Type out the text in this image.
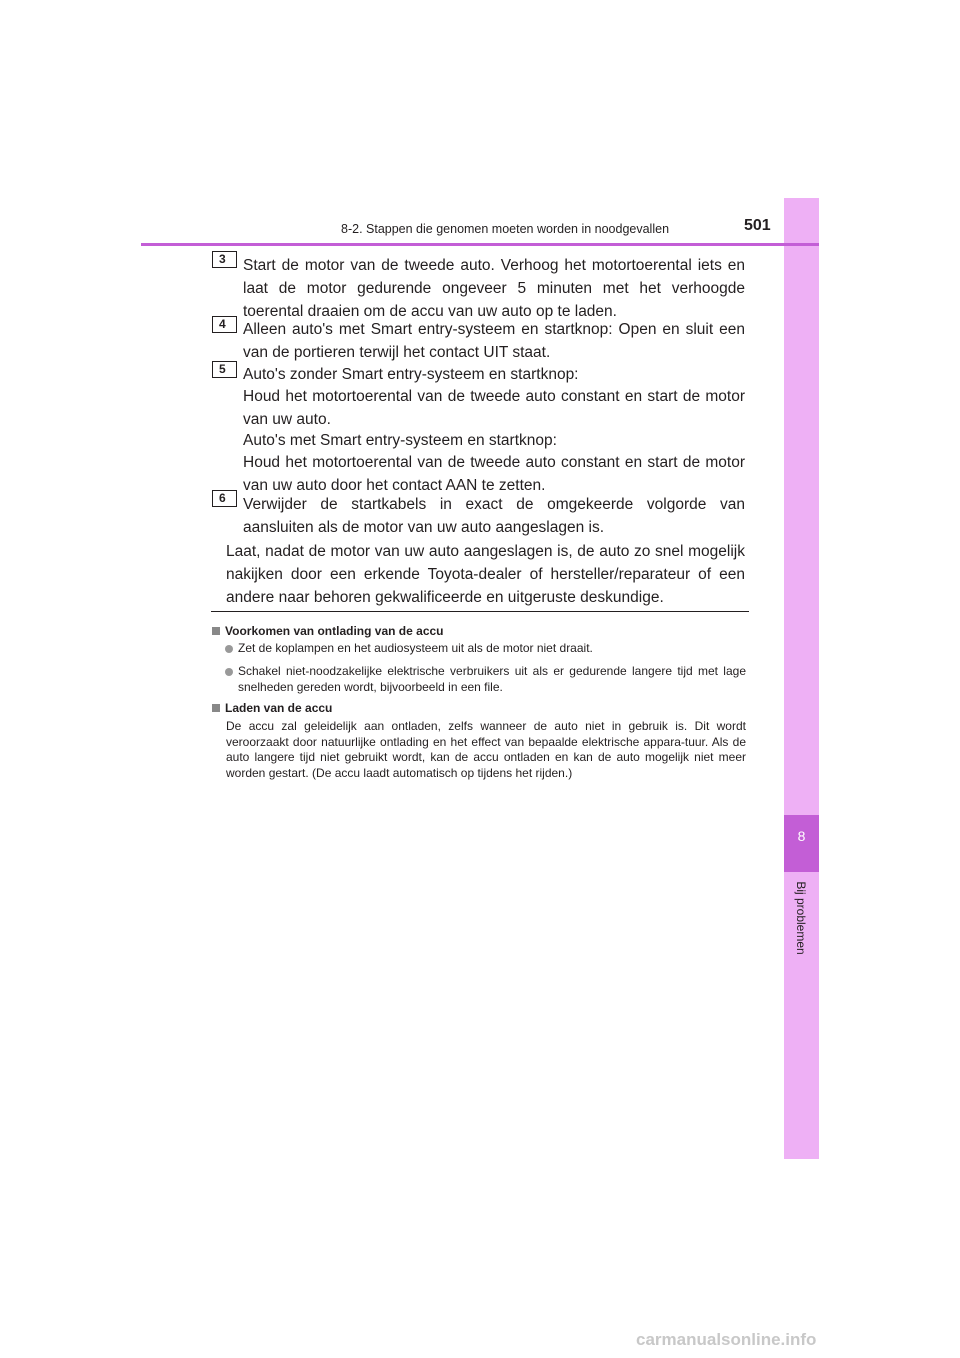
8
Bij problemen
8-2. Stappen die genomen moeten worden in noodgevallen	501
3	Start de motor van de tweede auto. Verhoog het motortoerental iets en laat de motor gedurende ongeveer 5 minuten met het verhoogde toerental draaien om de accu van uw auto op te laden.
4	Alleen auto's met Smart entry-systeem en startknop: Open en sluit een van de portieren terwijl het contact UIT staat.
5	Auto's zonder Smart entry-systeem en startknop:
Houd het motortoerental van de tweede auto constant en start de motor van uw auto.
Auto's met Smart entry-systeem en startknop:
Houd het motortoerental van de tweede auto constant en start de motor van uw auto door het contact AAN te zetten.
6	Verwijder de startkabels in exact de omgekeerde volgorde van aansluiten als de motor van uw auto aangeslagen is.
Laat, nadat de motor van uw auto aangeslagen is, de auto zo snel mogelijk nakijken door een erkende Toyota-dealer of hersteller/reparateur of een andere naar behoren gekwalificeerde en uitgeruste deskundige.
Voorkomen van ontlading van de accu
Zet de koplampen en het audiosysteem uit als de motor niet draait.
Schakel niet-noodzakelijke elektrische verbruikers uit als er gedurende langere tijd met lage snelheden gereden wordt, bijvoorbeeld in een file.
Laden van de accu
De accu zal geleidelijk aan ontladen, zelfs wanneer de auto niet in gebruik is. Dit wordt veroorzaakt door natuurlijke ontlading en het effect van bepaalde elektrische appara-tuur. Als de auto langere tijd niet gebruikt wordt, kan de accu ontladen en kan de auto mogelijk niet meer worden gestart. (De accu laadt automatisch op tijdens het rijden.)
carmanualsonline.info
